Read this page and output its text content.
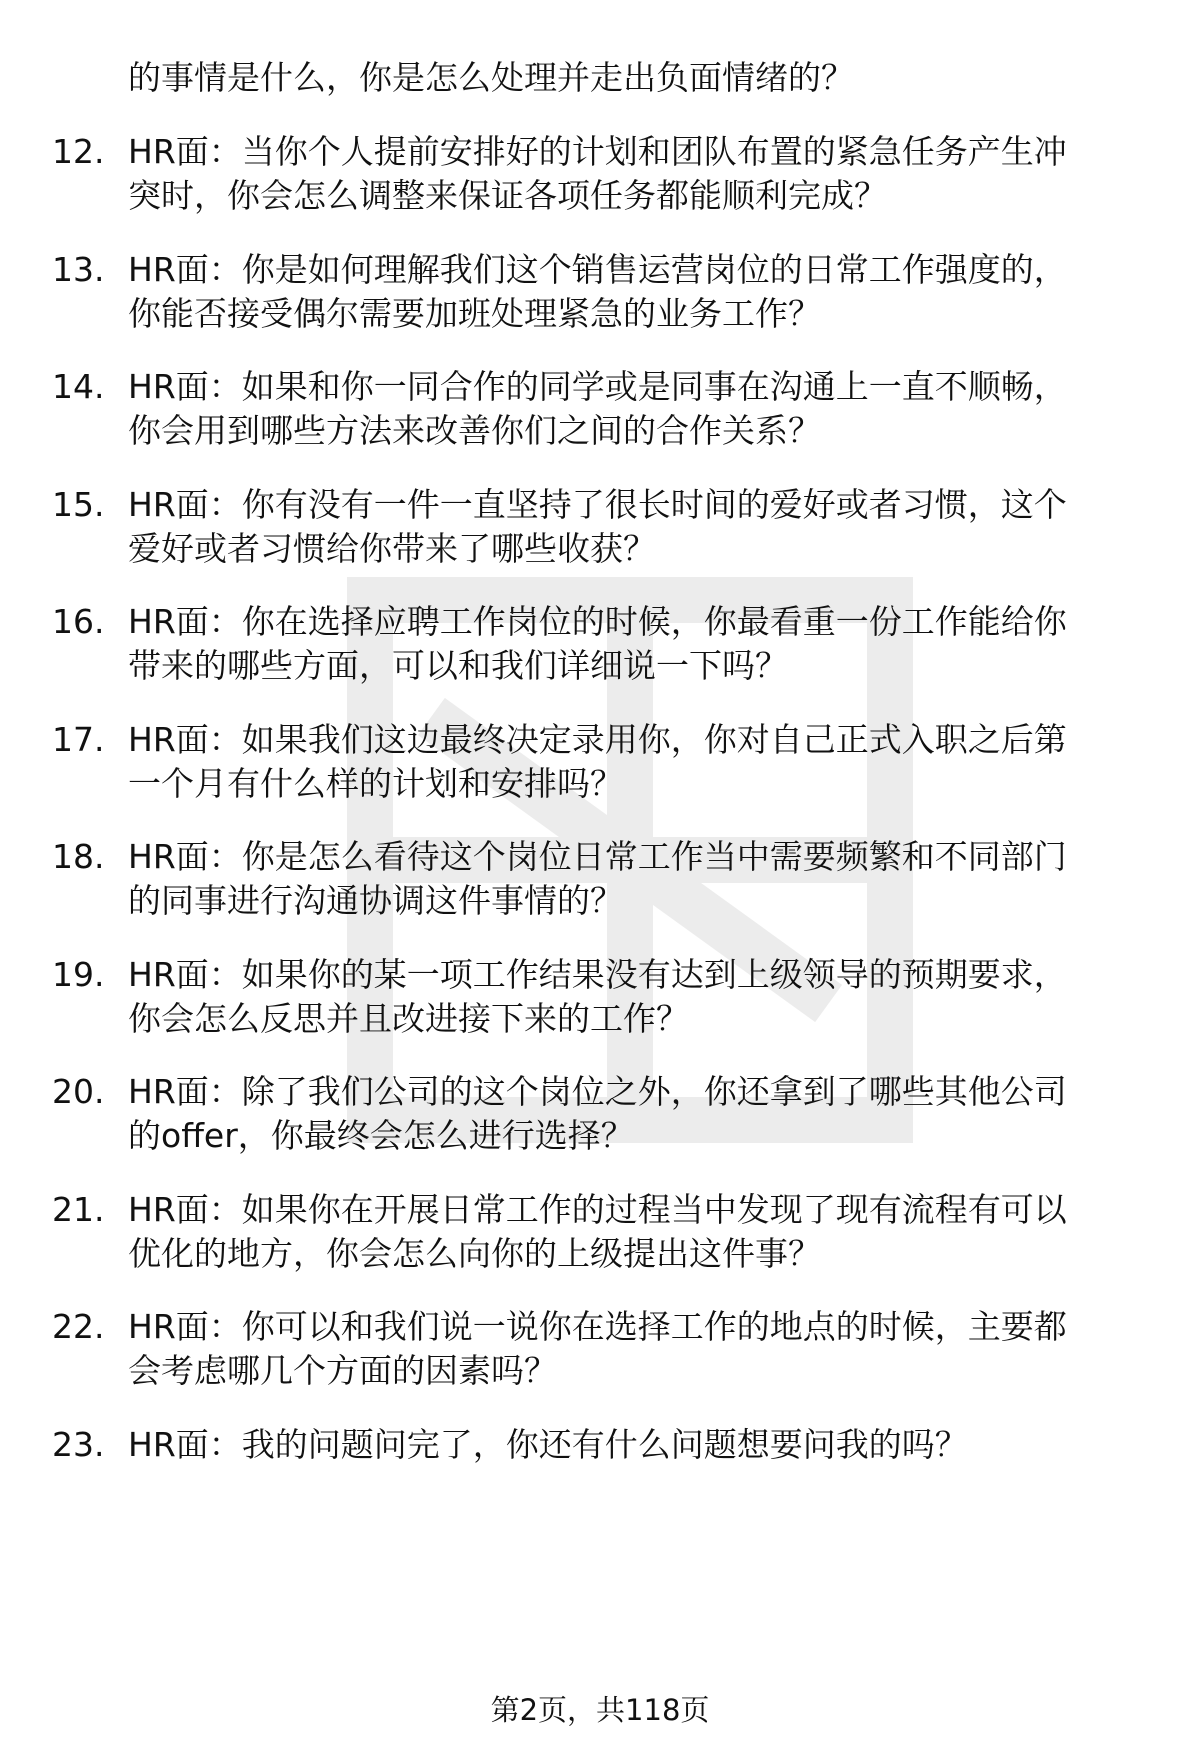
的事情是什么，你是怎么处理并走出负面情绪的？
12. HR面：当你个人提前安排好的计划和团队布置的紧急任务产生冲
突时，你会怎么调整来保证各项任务都能顺利完成？
13. HR面：你是如何理解我们这个销售运营岗位的日常工作强度的，
你能否接受偶尔需要加班处理紧急的业务工作？
14. HR面：如果和你一同合作的同学或是同事在沟通上一直不顺畅，
你会用到哪些方法来改善你们之间的合作关系？
15. HR面：你有没有一件一直坚持了很长时间的爱好或者习惯，这个
爱好或者习惯给你带来了哪些收获？
16. HR面：你在选择应聘工作岗位的时候，你最看重一份工作能给你
带来的哪些方面，可以和我们详细说一下吗？
17. HR面：如果我们这边最终决定录用你，你对自己正式入职之后第
一个月有什么样的计划和安排吗？
18. HR面：你是怎么看待这个岗位日常工作当中需要频繁和不同部门
的同事进行沟通协调这件事情的？
19. HR面：如果你的某一项工作结果没有达到上级领导的预期要求，
你会怎么反思并且改进接下来的工作？
20. HR面：除了我们公司的这个岗位之外，你还拿到了哪些其他公司
的offer，你最终会怎么进行选择？
21. HR面：如果你在开展日常工作的过程当中发现了现有流程有可以
优化的地方，你会怎么向你的上级提出这件事？
22. HR面：你可以和我们说一说你在选择工作的地点的时候，主要都
会考虑哪几个方面的因素吗？
23. HR面：我的问题问完了，你还有什么问题想要问我的吗？
第2页，共118页
